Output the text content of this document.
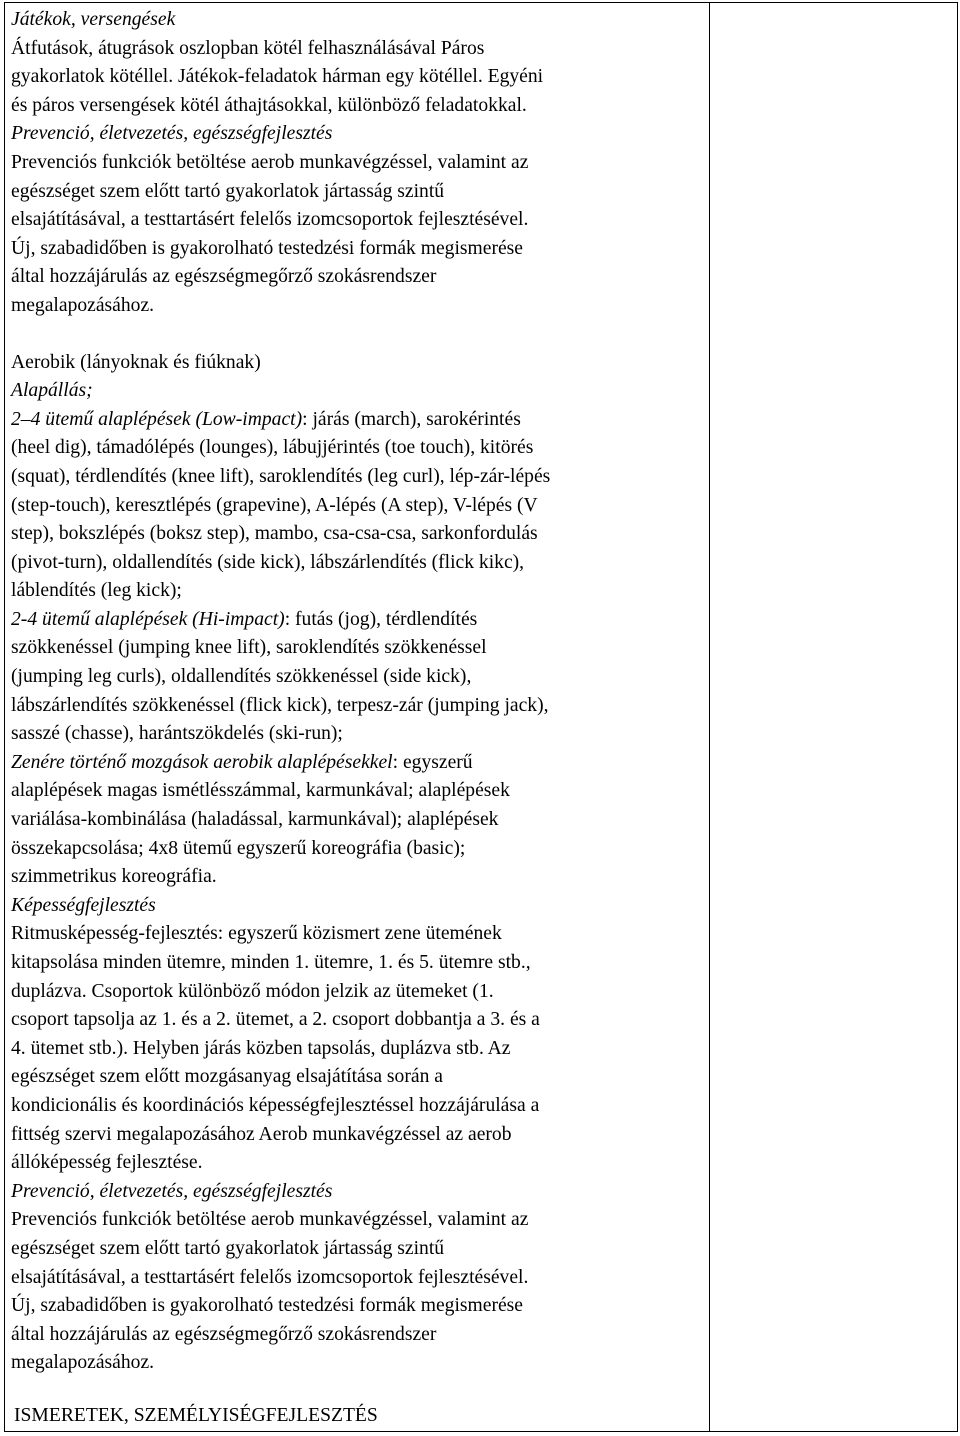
Játékok, versengések

Átfutások, átugrások oszlopban kötél felhasználásával Páros

gyakorlatok kötéllel. Játékok-feladatok hárman egy kötéllel. Egyéni

és páros versengések kötél áthajtásokkal, különböző feladatokkal.

Prevenció, életvezetés, egészségfejlesztés

Prevenciós funkciók betöltése aerob munkavégzéssel, valamint az

egészséget szem előtt tartó gyakorlatok jártasság szintű

elsajátításával, a testtartásért felelős izomcsoportok fejlesztésével.

Új, szabadidőben is gyakorolható testedzési formák megismerése

által hozzájárulás az egészségmegőrző szokásrendszer

megalapozásához.

Aerobik (lányoknak és fiúknak)

Alapállás;

2–4 ütemű alaplépések (Low-impact): járás (march), sarokérintés

(heel dig), támadólépés (lounges), lábujjérintés (toe touch), kitörés

(squat), térdlendítés (knee lift), saroklendítés (leg curl), lép-zár-lépés

(step-touch), keresztlépés (grapevine), A-lépés (A step), V-lépés (V

step), bokszlépés (boksz step), mambo, csa-csa-csa, sarkonfordulás

(pivot-turn), oldallendítés (side kick), lábszárlendítés (flick kikc),

láblendítés (leg kick);

2-4 ütemű alaplépések (Hi-impact): futás (jog), térdlendítés

szökkenéssel (jumping knee lift), saroklendítés szökkenéssel

(jumping leg curls), oldallendítés szökkenéssel (side kick),

lábszárlendítés szökkenéssel (flick kick), terpesz-zár (jumping jack),

sasszé (chasse), harántszökdelés (ski-run);

Zenére történő mozgások aerobik alaplépésekkel: egyszerű

alaplépések magas ismétlésszámmal, karmunkával; alaplépések

variálása-kombinálása (haladással, karmunkával); alaplépések

összekapcsolása; 4x8 ütemű egyszerű koreográfia (basic);

szimmetrikus koreográfia.

Képességfejlesztés

Ritmusképesség-fejlesztés: egyszerű közismert zene ütemének

kitapsolása minden ütemre, minden 1. ütemre, 1. és 5. ütemre stb.,

duplázva. Csoportok különböző módon jelzik az ütemeket (1.

csoport tapsolja az 1. és a 2. ütemet, a 2. csoport dobbantja a 3. és a

4. ütemet stb.). Helyben járás közben tapsolás, duplázva stb. Az

egészséget szem előtt mozgásanyag elsajátítása során a

kondicionális és koordinációs képességfejlesztéssel hozzájárulása a

fittség szervi megalapozásához Aerob munkavégzéssel az aerob

állóképesség fejlesztése.

Prevenció, életvezetés, egészségfejlesztés

Prevenciós funkciók betöltése aerob munkavégzéssel, valamint az

egészséget szem előtt tartó gyakorlatok jártasság szintű

elsajátításával, a testtartásért felelős izomcsoportok fejlesztésével.

Új, szabadidőben is gyakorolható testedzési formák megismerése

által hozzájárulás az egészségmegőrző szokásrendszer

megalapozásához.

ISMERETEK, SZEMÉLYISÉGFEJLESZTÉS
